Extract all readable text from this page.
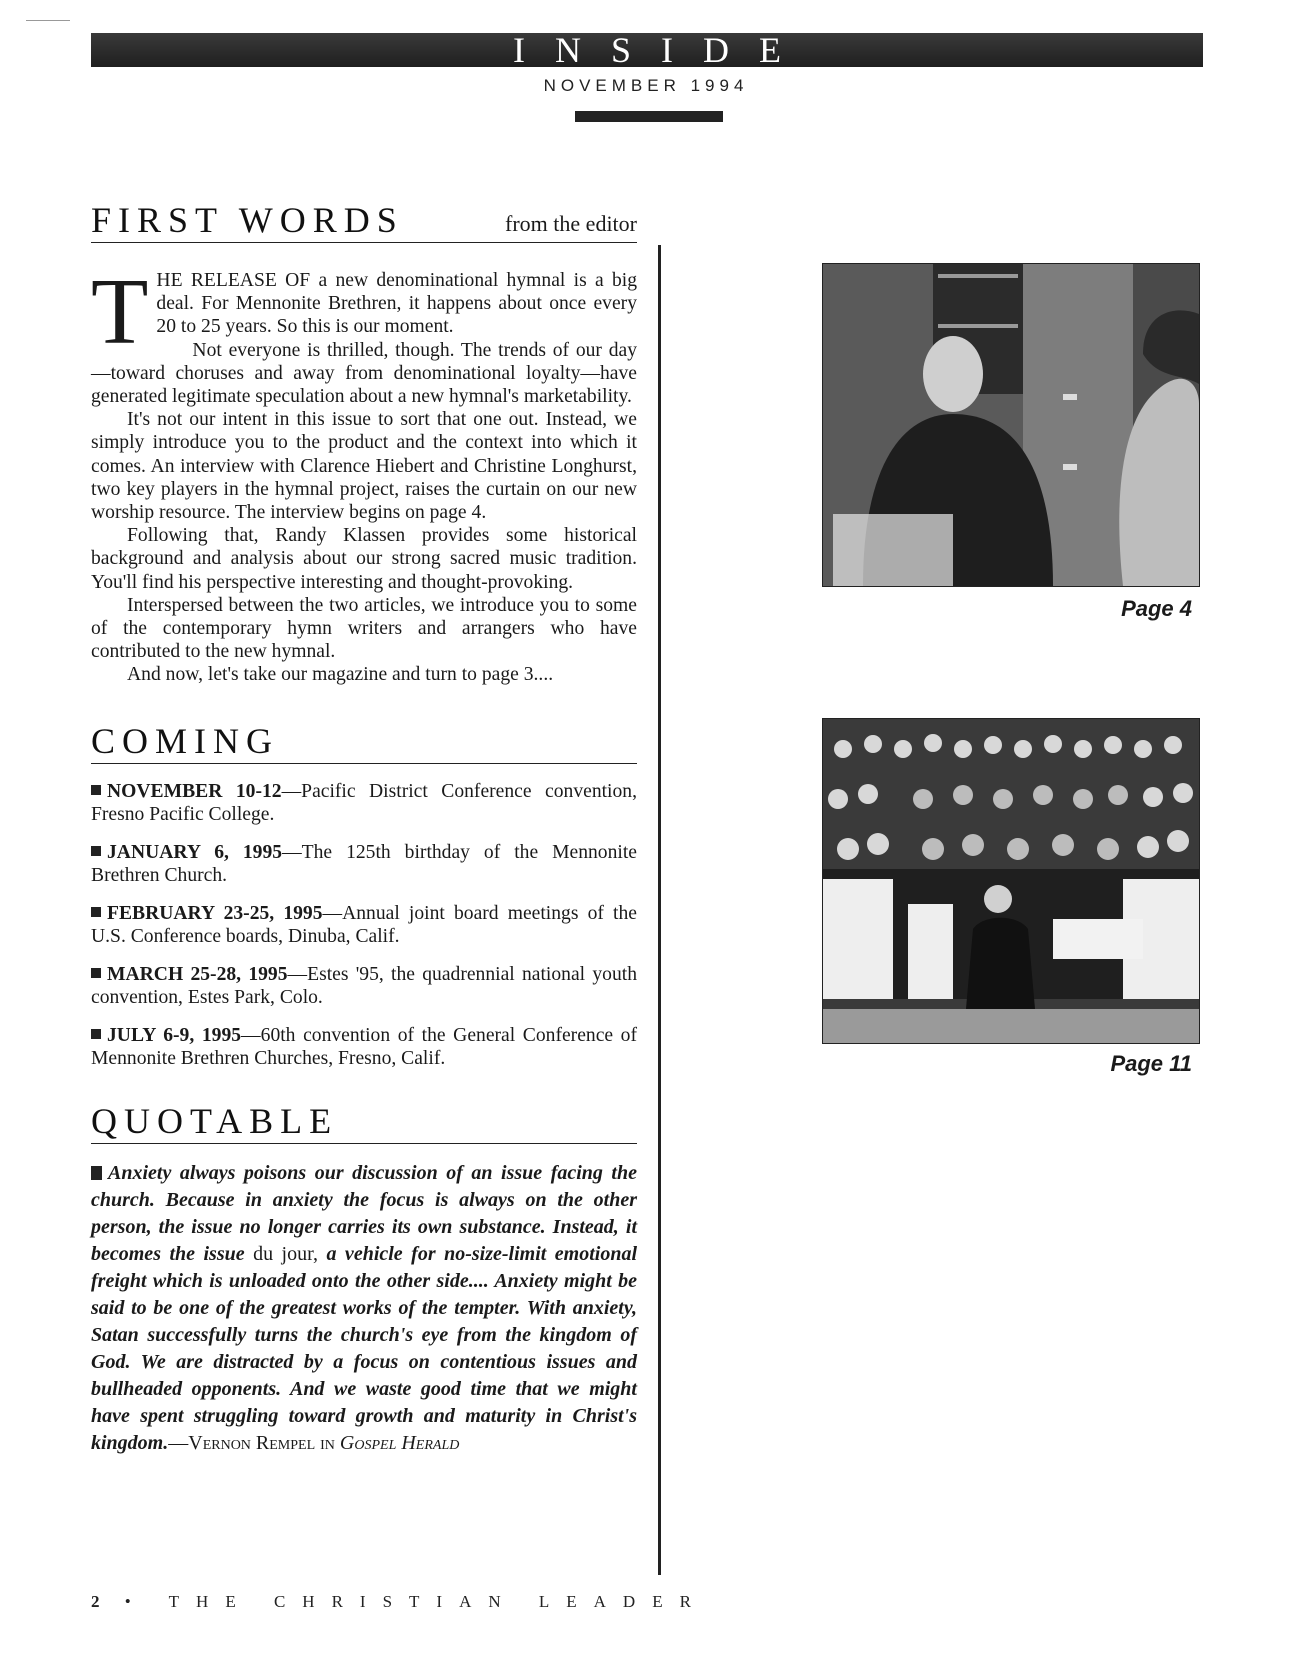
INSIDE
NOVEMBER 1994
FIRST WORDS	from the editor

THE RELEASE OF a new denominational hymnal is a big deal. For Mennonite Brethren, it happens about once every 20 to 25 years. So this is our moment.

Not everyone is thrilled, though. The trends of our day—toward choruses and away from denominational loyalty—have generated legitimate speculation about a new hymnal's marketability.

It's not our intent in this issue to sort that one out. Instead, we simply introduce you to the product and the context into which it comes. An interview with Clarence Hiebert and Christine Longhurst, two key players in the hymnal project, raises the curtain on our new worship resource. The interview begins on page 4.

Following that, Randy Klassen provides some historical background and analysis about our strong sacred music tradition. You'll find his perspective interesting and thought-provoking.

Interspersed between the two articles, we introduce you to some of the contemporary hymn writers and arrangers who have contributed to the new hymnal.

And now, let's take our magazine and turn to page 3....

COMING
NOVEMBER 10-12—Pacific District Conference convention, Fresno Pacific College.
JANUARY 6, 1995—The 125th birthday of the Mennonite Brethren Church.
FEBRUARY 23-25, 1995—Annual joint board meetings of the U.S. Conference boards, Dinuba, Calif.
MARCH 25-28, 1995—Estes '95, the quadrennial national youth convention, Estes Park, Colo.
JULY 6-9, 1995—60th convention of the General Conference of Mennonite Brethren Churches, Fresno, Calif.
QUOTABLE
Anxiety always poisons our discussion of an issue facing the church. Because in anxiety the focus is always on the other person, the issue no longer carries its own substance. Instead, it becomes the issue du jour, a vehicle for no-size-limit emotional freight which is unloaded onto the other side.... Anxiety might be said to be one of the greatest works of the tempter. With anxiety, Satan successfully turns the church's eye from the kingdom of God. We are distracted by a focus on contentious issues and bullheaded opponents. And we waste good time that we might have spent struggling toward growth and maturity in Christ's kingdom.—Vernon Rempel in Gospel Herald
Page 4
Page 11
2 • THE CHRISTIAN LEADER
